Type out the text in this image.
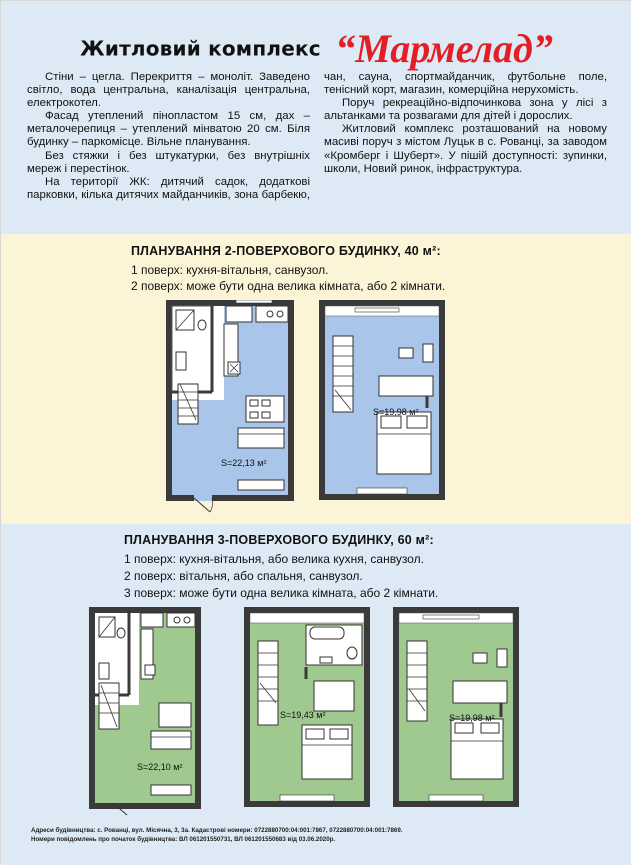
Житловий комплекс “Мармелад”

Стіни – цегла. Перекриття – моноліт. Заведено світло, вода центральна, каналізація центральна, електрокотел.

Фасад утеплений пінопластом 15 см, дах – металочерепиця – утеплений мінватою 20 см. Біля будинку – паркомісце. Вільне планування.

Без стяжки і без штукатурки, без внутрішніх мереж і перестінок.

На території ЖК: дитячий садок, додаткові парковки, кілька дитячих майданчиків, зона барбекю, чан, сауна, спортмайданчик, футбольне поле, тенісний корт, магазин, комерційна нерухомість.

Поруч рекреаційно-відпочинкова зона у лісі з альтанками та розвагами для дітей і дорослих.

Житловий комплекс розташований на новому масиві поруч з містом Луцьк в с. Рованці, за заводом «Кромберг і Шуберт». У пішій доступності: зупинки, школи, Новий ринок, інфраструктура.

ПЛАНУВАННЯ 2-ПОВЕРХОВОГО БУДИНКУ, 40 м²:
1 поверх: кухня-вітальня, санвузол.
2 поверх: може бути одна велика кімната, або 2 кімнати.
S=22,13 м²
S=19,98 м²
ПЛАНУВАННЯ 3-ПОВЕРХОВОГО БУДИНКУ, 60 м²:
1 поверх: кухня-вітальня, або велика кухня, санвузол.
2 поверх: вітальня, або спальня, санвузол.
3 поверх: може бути одна велика кімната, або 2 кімнати.
S=22,10 м²
S=19,43 м²	S=19,98 м²
Адреси будівництва: с. Рованці, вул. Місячна, 3, 3а. Кадастрові номери: 0722880700:04:001:7867, 0722880700:04:001:7869.
Номери повідомлень про початок будівництва: ВЛ 061201550731, ВЛ 061201550683 від 03.06.2020р.
